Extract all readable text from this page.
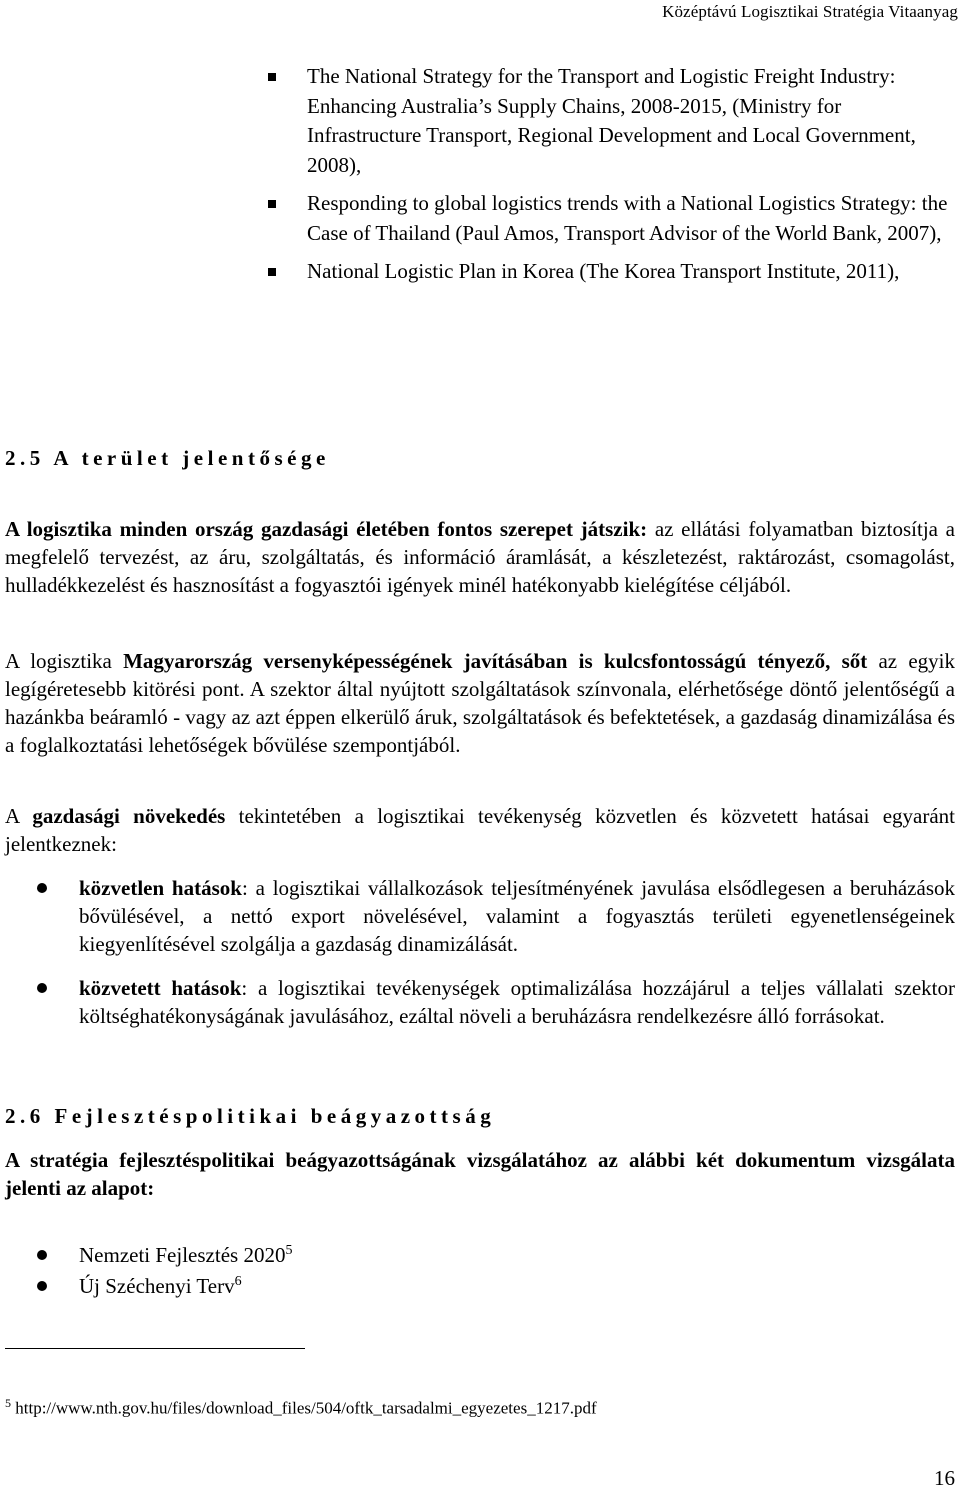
Középtávú Logisztikai Stratégia Vitaanyag
The National Strategy for the Transport and Logistic Freight Industry: Enhancing Australia’s Supply Chains, 2008-2015, (Ministry for Infrastructure Transport, Regional Development and Local Government, 2008),
Responding to global logistics trends with a National Logistics Strategy: the Case of Thailand (Paul Amos, Transport Advisor of the World Bank, 2007),
National Logistic Plan in Korea (The Korea Transport Institute, 2011),
2.5 A terület jelentősége
A logisztika minden ország gazdasági életében fontos szerepet játszik: az ellátási folyamatban biztosítja a megfelelő tervezést, az áru, szolgáltatás, és információ áramlását, a készletezést, raktározást, csomagolást, hulladékkezelést és hasznosítást a fogyasztói igények minél hatékonyabb kielégítése céljából.
A logisztika Magyarország versenyképességének javításában is kulcsfontosságú tényező, sőt az egyik legígéretesebb kitörési pont. A szektor által nyújtott szolgáltatások színvonala, elérhetősége döntő jelentőségű a hazánkba beáramló - vagy az azt éppen elkerülő áruk, szolgáltatások és befektetések, a gazdaság dinamizálása és a foglalkoztatási lehetőségek bővülése szempontjából.
A gazdasági növekedés tekintetében a logisztikai tevékenység közvetlen és közvetett hatásai egyaránt jelentkeznek:
közvetlen hatások: a logisztikai vállalkozások teljesítményének javulása elsődlegesen a beruházások bővülésével, a nettó export növelésével, valamint a fogyasztás területi egyenetlenségeinek kiegyenlítésével szolgálja a gazdaság dinamizálását.
közvetett hatások: a logisztikai tevékenységek optimalizálása hozzájárul a teljes vállalati szektor költséghatékonyságának javulásához, ezáltal növeli a beruházásra rendelkezésre álló forrásokat.
2.6 Fejlesztéspolitikai beágyazottság
A stratégia fejlesztéspolitikai beágyazottságának vizsgálatához az alábbi két dokumentum vizsgálata jelenti az alapot:
Nemzeti Fejlesztés 2020$^5$
Új Széchenyi Terv$^6$
$^5$ http://www.nth.gov.hu/files/download_files/504/oftk_tarsadalmi_egyezetes_1217.pdf
16
